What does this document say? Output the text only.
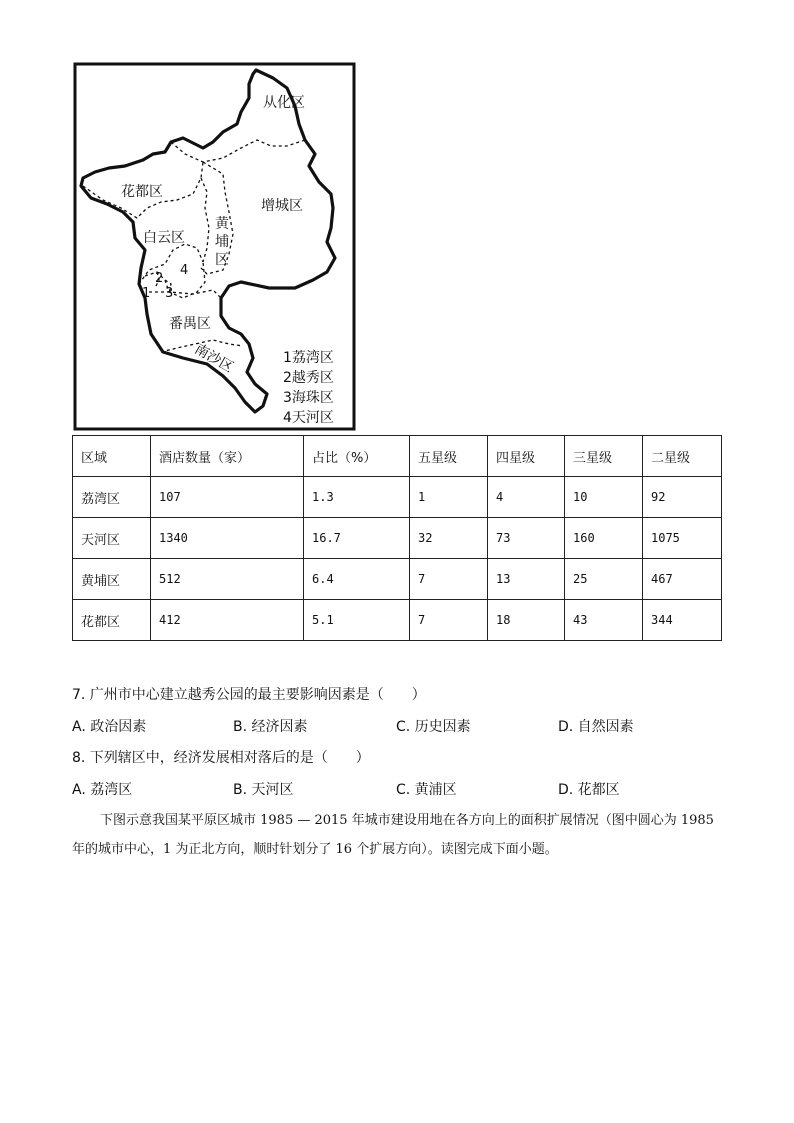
从化区
花都区
增城区
白云区
黄
埔
区
番禺区
南沙区
1
2
3
4
1荔湾区
2越秀区
3海珠区
4天河区
区域	酒店数量（家）	占比（%）	五星级	四星级	三星级	二星级
荔湾区	107	1.3	1	4	10	92
天河区	1340	16.7	32	73	160	1075
黄埔区	512	6.4	7	13	25	467
花都区	412	5.1	7	18	43	344
7. 广州市中心建立越秀公园的最主要影响因素是（　　）
A. 政治因素	B. 经济因素	C. 历史因素	D. 自然因素
8. 下列辖区中，经济发展相对落后的是（　　）
A. 荔湾区	B. 天河区	C. 黄浦区	D. 花都区

下图示意我国某平原区城市 1985 — 2015 年城市建设用地在各方向上的面积扩展情况（图中圆心为 1985 年的城市中心，1 为正北方向，顺时针划分了 16 个扩展方向）。读图完成下面小题。
